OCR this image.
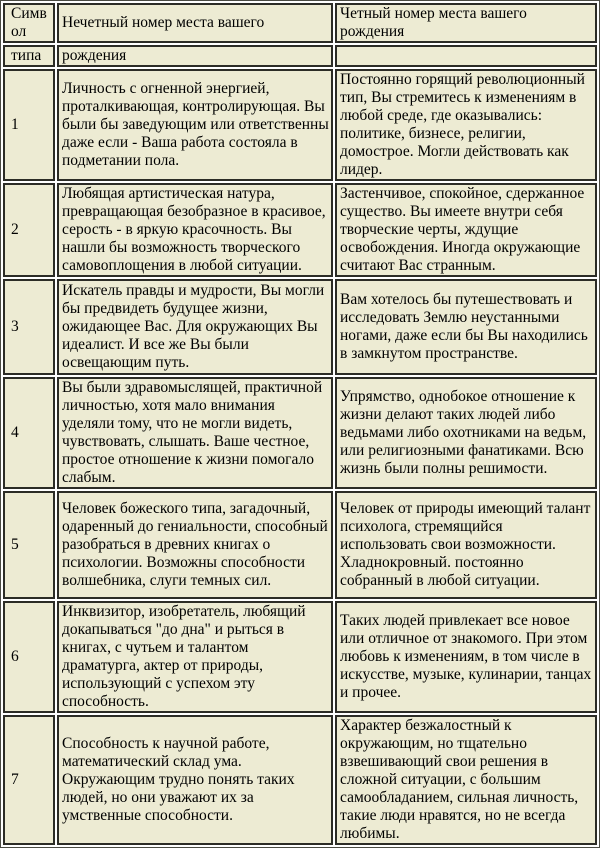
Символ	Нечетный номер места вашего	Четный номер места вашего рождения
типа	рождения	
1	Личность с огненной энергией, проталкивающая, контролирующая. Вы были бы заведующим или ответственны даже если - Ваша работа состояла в подметании пола.	Постоянно горящий революционный тип, Вы стремитесь к изменениям в любой среде, где оказывались: политике, бизнесе, религии, домострое. Могли действовать как лидер.
2	Любящая артистическая натура, превращающая безобразное в красивое, серость - в яркую красочность. Вы нашли бы возможность творческого самовоплощения в любой ситуации.	Застенчивое, спокойное, сдержанное существо. Вы имеете внутри себя творческие черты, ждущие освобождения. Иногда окружающие считают Вас странным.
3	Искатель правды и мудрости, Вы могли бы предвидеть будущее жизни, ожидающее Вас. Для окружающих Вы идеалист. И все же Вы были освещающим путь.	Вам хотелось бы путешествовать и исследовать Землю неустанными ногами, даже если бы Вы находились в замкнутом пространстве.
4	Вы были здравомыслящей, практичной личностью, хотя мало внимания уделяли тому, что не могли видеть, чувствовать, слышать. Ваше честное, простое отношение к жизни помогало слабым.	Упрямство, однобокое отношение к жизни делают таких людей либо ведьмами либо охотниками на ведьм, или религиозными фанатиками. Всю жизнь были полны решимости.
5	Человек божеского типа, загадочный, одаренный до гениальности, способный разобраться в древних книгах о психологии. Возможны способности волшебника, слуги темных сил.	Человек от природы имеющий талант психолога, стремящийся использовать свои возможности. Хладнокровный. постоянно собранный в любой ситуации.
6	Инквизитор, изобретатель, любящий докапываться "до дна" и рыться в книгах, с чутьем и талантом драматурга, актер от природы, использующий с успехом эту способность.	Таких людей привлекает все новое или отличное от знакомого. При этом любовь к изменениям, в том числе в искусстве, музыке, кулинарии, танцах и прочее.
7	Способность к научной работе, математический склад ума. Окружающим трудно понять таких людей, но они уважают их за умственные способности.	Характер безжалостный к окружающим, но тщательно взвешивающий свои решения в сложной ситуации, с большим самообладанием, сильная личность, такие люди нравятся, но не всегда любимы.
